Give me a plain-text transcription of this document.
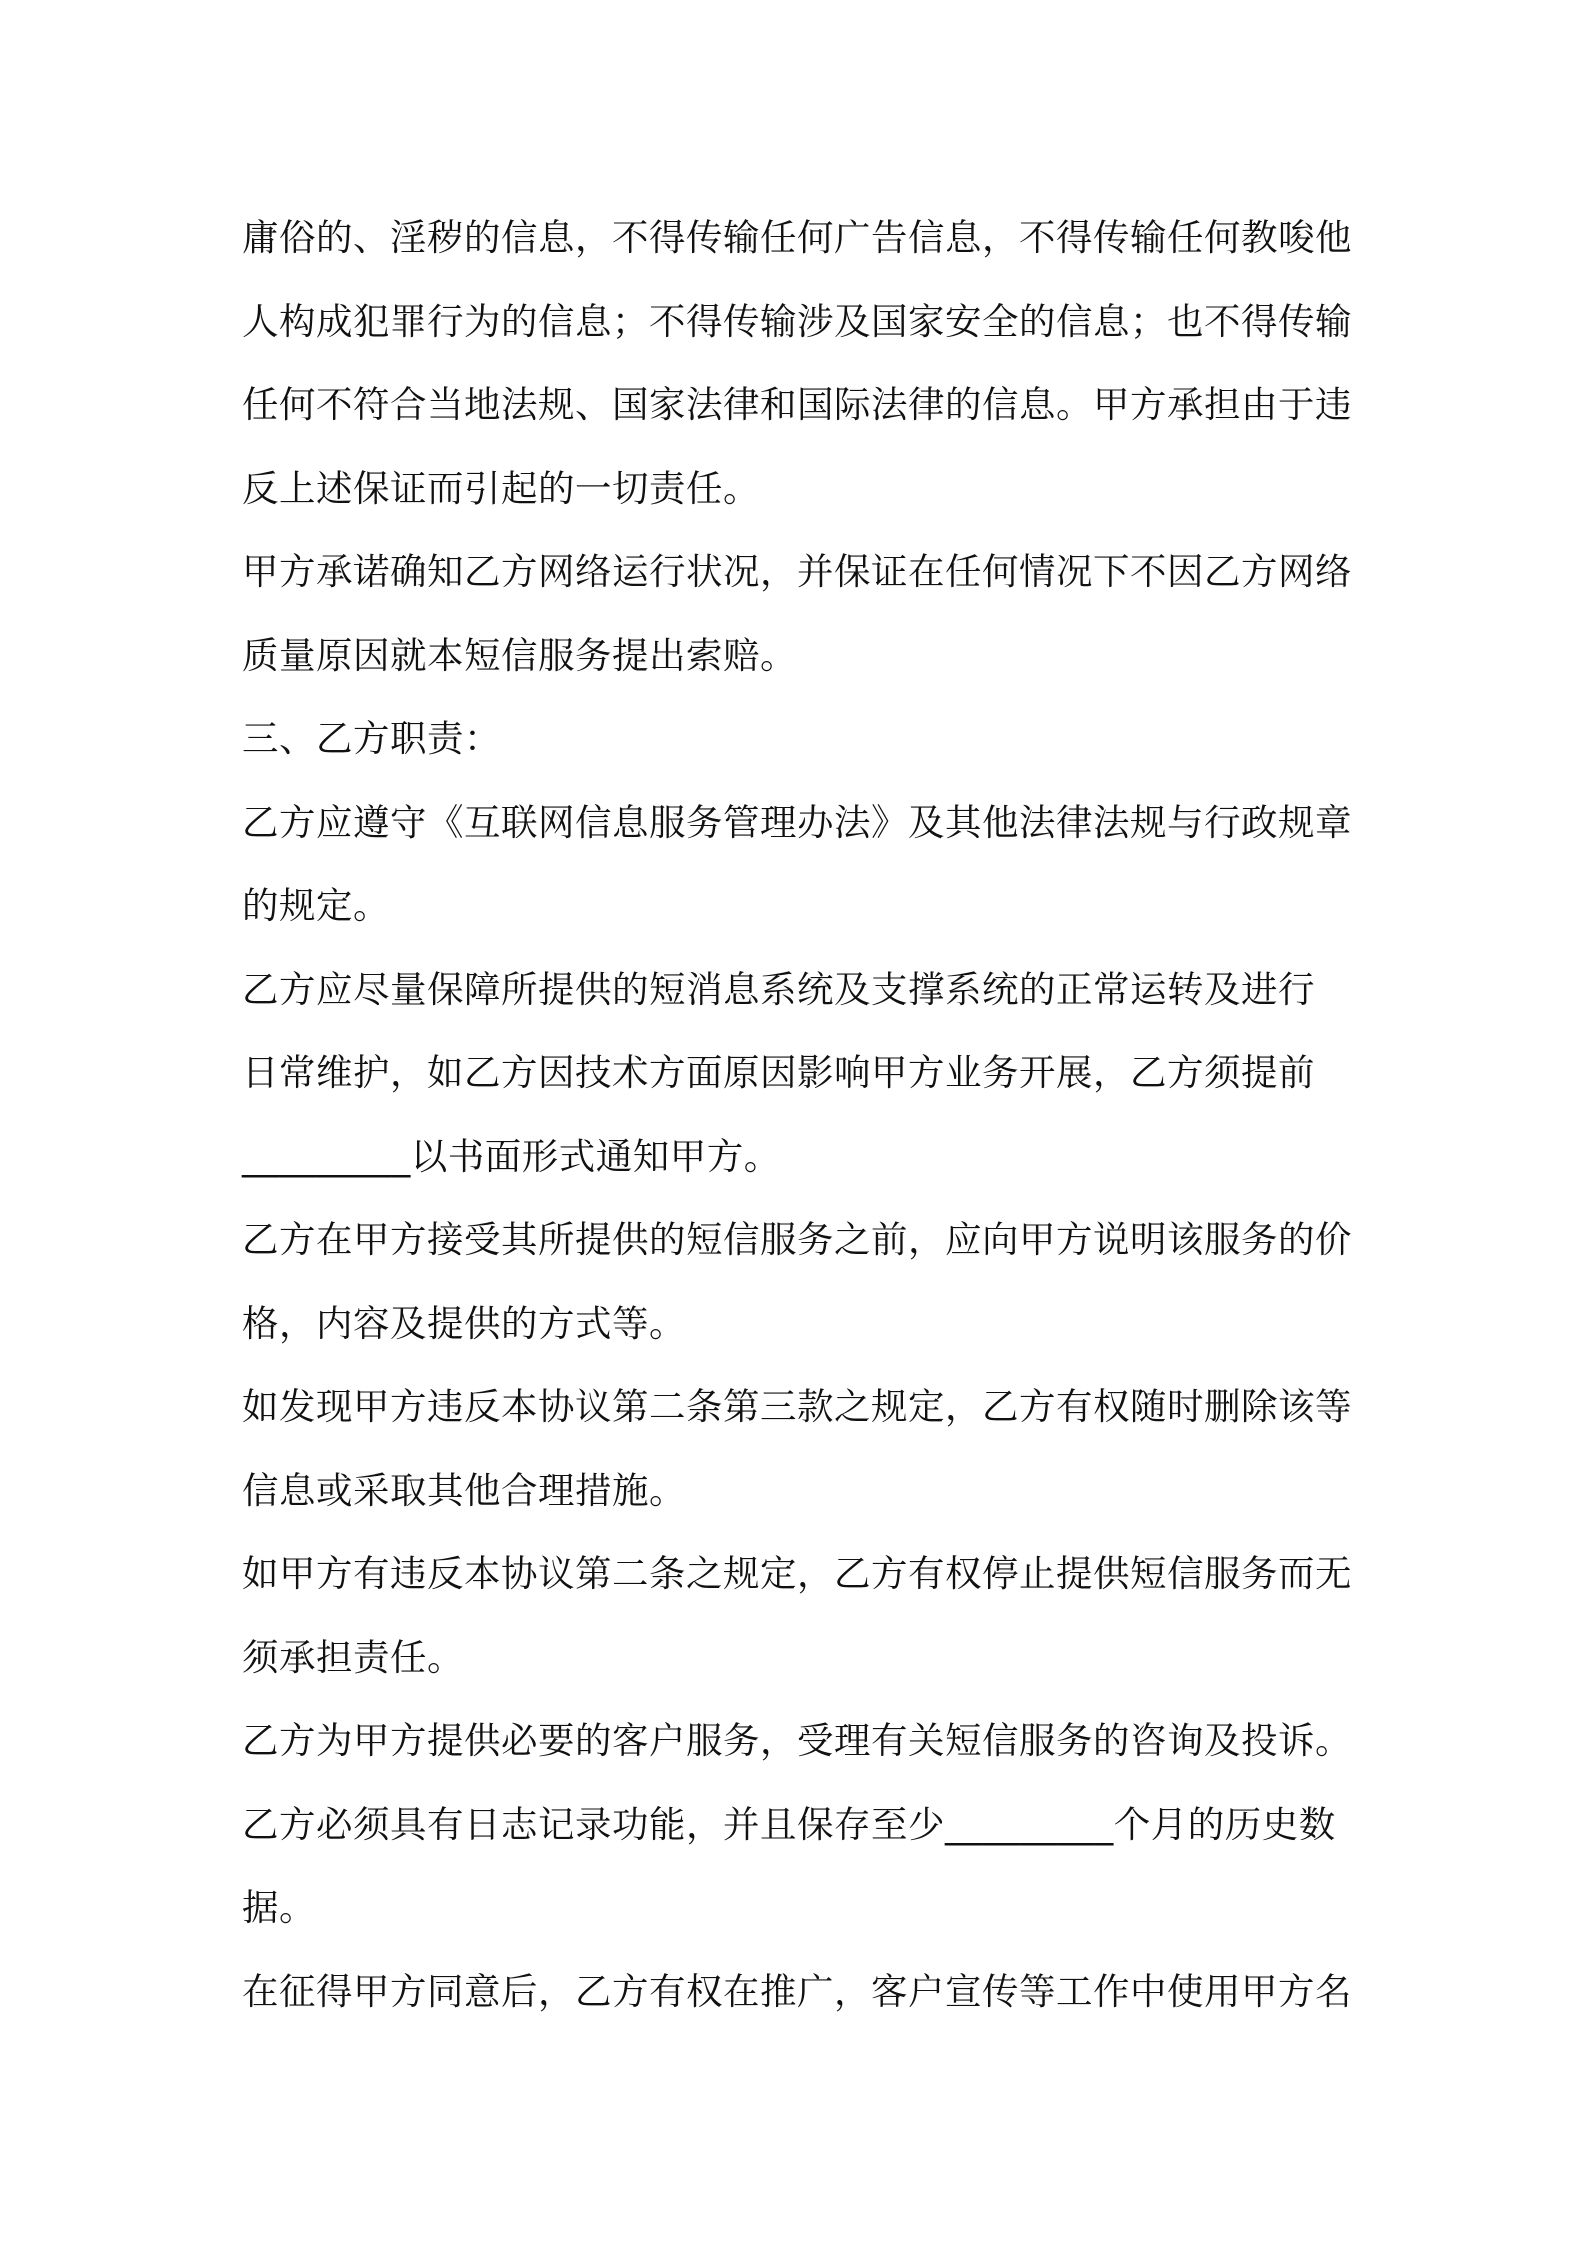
庸俗的、淫秽的信息，不得传输任何广告信息，不得传输任何教唆他
人构成犯罪行为的信息；不得传输涉及国家安全的信息；也不得传输
任何不符合当地法规、国家法律和国际法律的信息。甲方承担由于违
反上述保证而引起的一切责任。
甲方承诺确知乙方网络运行状况，并保证在任何情况下不因乙方网络
质量原因就本短信服务提出索赔。
三、乙方职责：
乙方应遵守《互联网信息服务管理办法》及其他法律法规与行政规章
的规定。
乙方应尽量保障所提供的短消息系统及支撑系统的正常运转及进行
日常维护，如乙方因技术方面原因影响甲方业务开展，乙方须提前
_________以书面形式通知甲方。
乙方在甲方接受其所提供的短信服务之前，应向甲方说明该服务的价
格，内容及提供的方式等。
如发现甲方违反本协议第二条第三款之规定，乙方有权随时删除该等
信息或采取其他合理措施。
如甲方有违反本协议第二条之规定，乙方有权停止提供短信服务而无
须承担责任。
乙方为甲方提供必要的客户服务，受理有关短信服务的咨询及投诉。
乙方必须具有日志记录功能，并且保存至少_________个月的历史数
据。
在征得甲方同意后，乙方有权在推广，客户宣传等工作中使用甲方名
